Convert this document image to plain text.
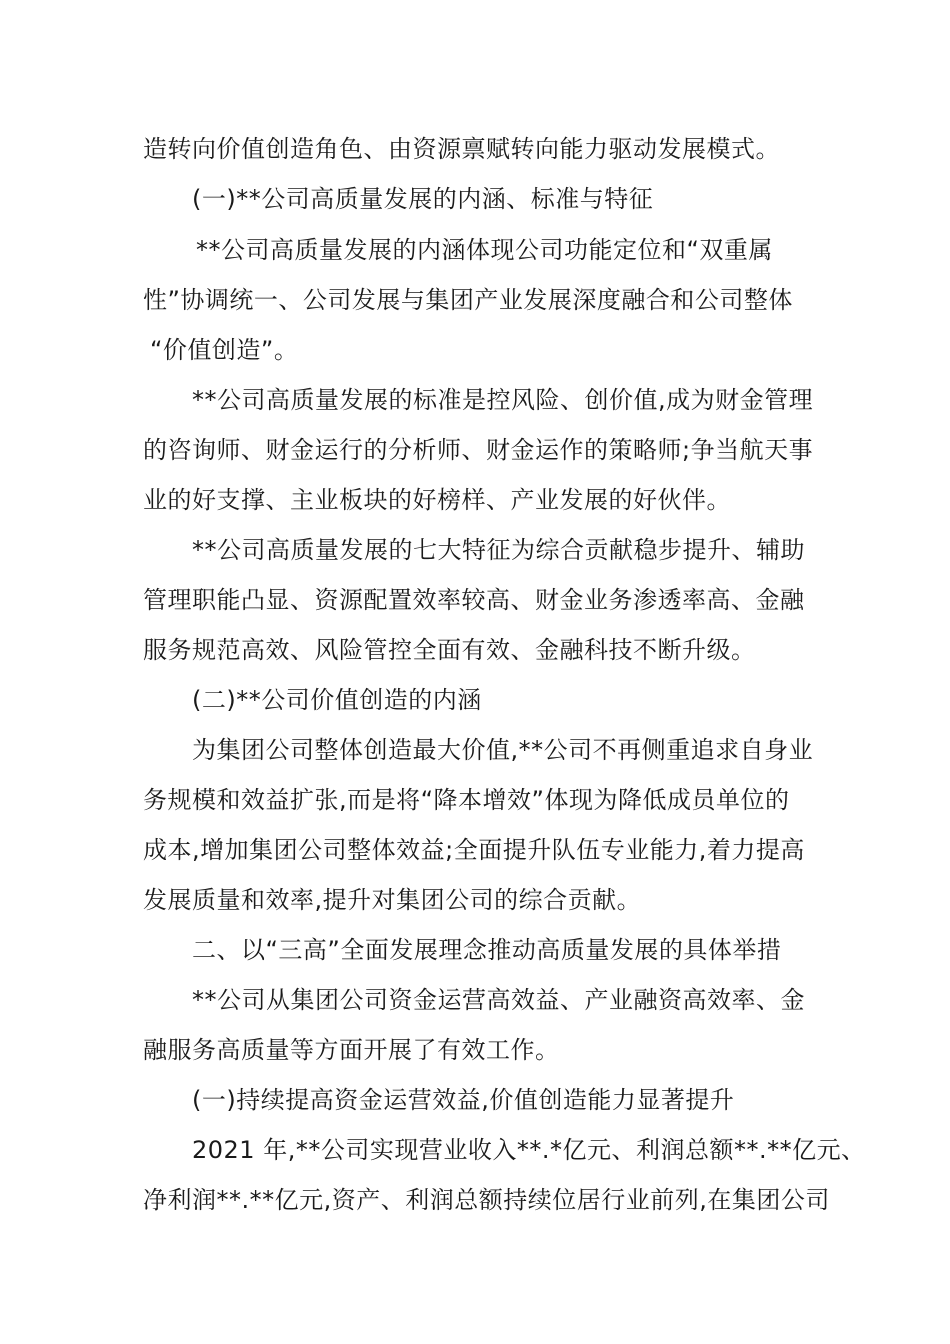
造转向价值创造角色、由资源禀赋转向能力驱动发展模式。
(一)**公司高质量发展的内涵、标准与特征
**公司高质量发展的内涵体现公司功能定位和“双重属
性”协调统一、公司发展与集团产业发展深度融合和公司整体
“价值创造”。
**公司高质量发展的标准是控风险、创价值,成为财金管理
的咨询师、财金运行的分析师、财金运作的策略师;争当航天事
业的好支撑、主业板块的好榜样、产业发展的好伙伴。
**公司高质量发展的七大特征为综合贡献稳步提升、辅助
管理职能凸显、资源配置效率较高、财金业务渗透率高、金融
服务规范高效、风险管控全面有效、金融科技不断升级。
(二)**公司价值创造的内涵
为集团公司整体创造最大价值,**公司不再侧重追求自身业
务规模和效益扩张,而是将“降本增效”体现为降低成员单位的
成本,增加集团公司整体效益;全面提升队伍专业能力,着力提高
发展质量和效率,提升对集团公司的综合贡献。
二、以“三高”全面发展理念推动高质量发展的具体举措
**公司从集团公司资金运营高效益、产业融资高效率、金
融服务高质量等方面开展了有效工作。
(一)持续提高资金运营效益,价值创造能力显著提升
2021 年,**公司实现营业收入**.*亿元、利润总额**.**亿元、
净利润**.**亿元,资产、利润总额持续位居行业前列,在集团公司
